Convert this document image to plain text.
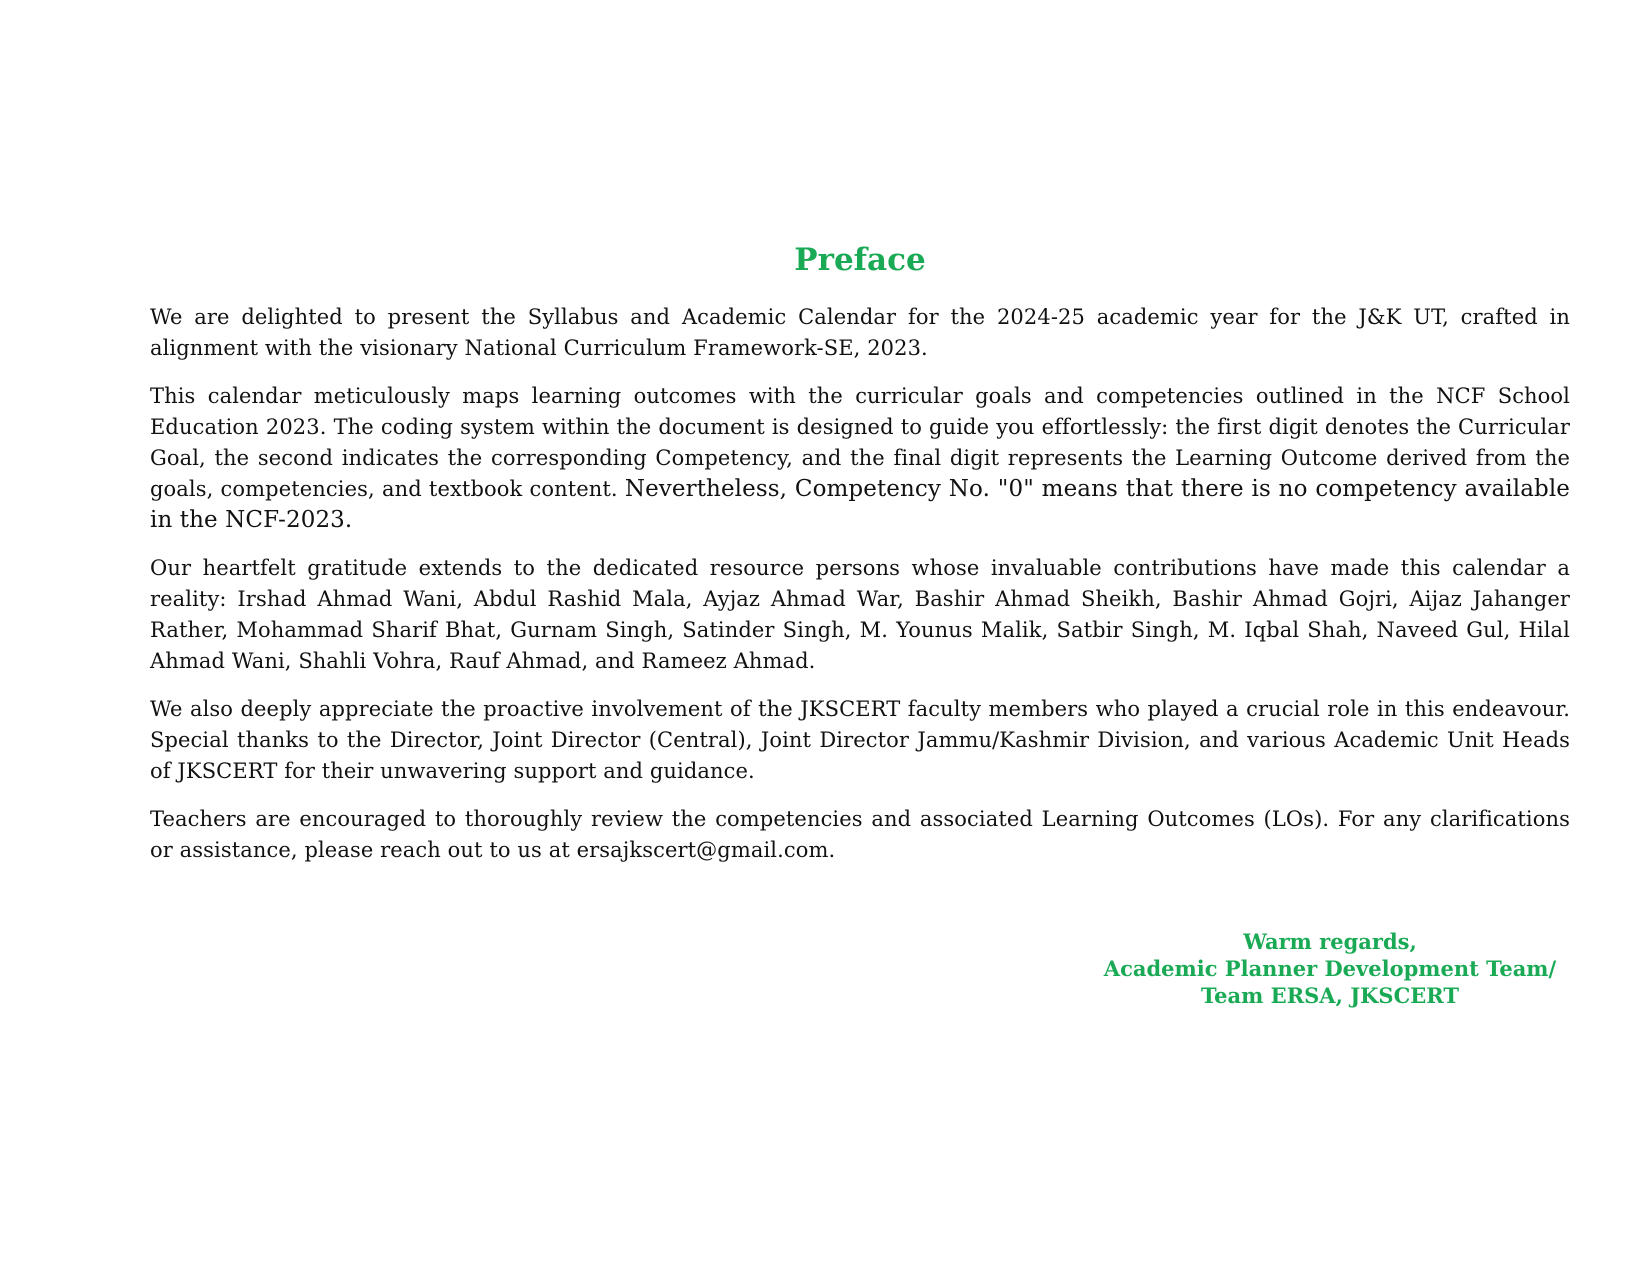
Preface

We are delighted to present the Syllabus and Academic Calendar for the 2024-25 academic year for the J&K UT, crafted in alignment with the visionary National Curriculum Framework-SE, 2023.

This calendar meticulously maps learning outcomes with the curricular goals and competencies outlined in the NCF School Education 2023. The coding system within the document is designed to guide you effortlessly: the first digit denotes the Curricular Goal, the second indicates the corresponding Competency, and the final digit represents the Learning Outcome derived from the goals, competencies, and textbook content. Nevertheless, Competency No. "0" means that there is no competency available in the NCF-2023.

Our heartfelt gratitude extends to the dedicated resource persons whose invaluable contributions have made this calendar a reality: Irshad Ahmad Wani, Abdul Rashid Mala, Ayjaz Ahmad War, Bashir Ahmad Sheikh, Bashir Ahmad Gojri, Aijaz Jahanger Rather, Mohammad Sharif Bhat, Gurnam Singh, Satinder Singh, M. Younus Malik, Satbir Singh, M. Iqbal Shah, Naveed Gul, Hilal Ahmad Wani, Shahli Vohra, Rauf Ahmad, and Rameez Ahmad.

We also deeply appreciate the proactive involvement of the JKSCERT faculty members who played a crucial role in this endeavour. Special thanks to the Director, Joint Director (Central), Joint Director Jammu/Kashmir Division, and various Academic Unit Heads of JKSCERT for their unwavering support and guidance.

Teachers are encouraged to thoroughly review the competencies and associated Learning Outcomes (LOs). For any clarifications or assistance, please reach out to us at ersajkscert@gmail.com.

Warm regards,
Academic Planner Development Team/
Team ERSA, JKSCERT
